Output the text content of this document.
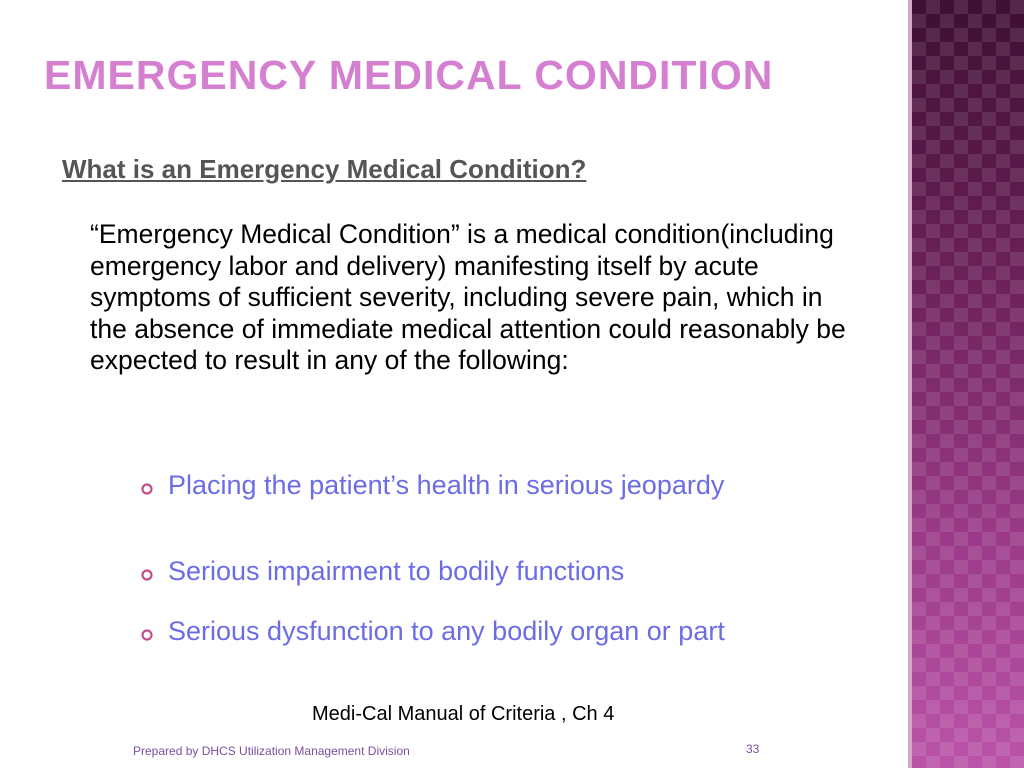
EMERGENCY MEDICAL CONDITION
What is an Emergency Medical Condition?
“Emergency Medical Condition” is a medical condition(including emergency labor and delivery) manifesting itself by acute symptoms of sufficient severity, including severe pain, which in the absence of immediate medical attention could reasonably be expected to result in any of the following:
Placing the patient’s health in serious jeopardy
Serious impairment to bodily functions
Serious dysfunction to any bodily organ or part
Medi-Cal Manual of Criteria , Ch 4
Prepared by DHCS Utilization Management Division	33
